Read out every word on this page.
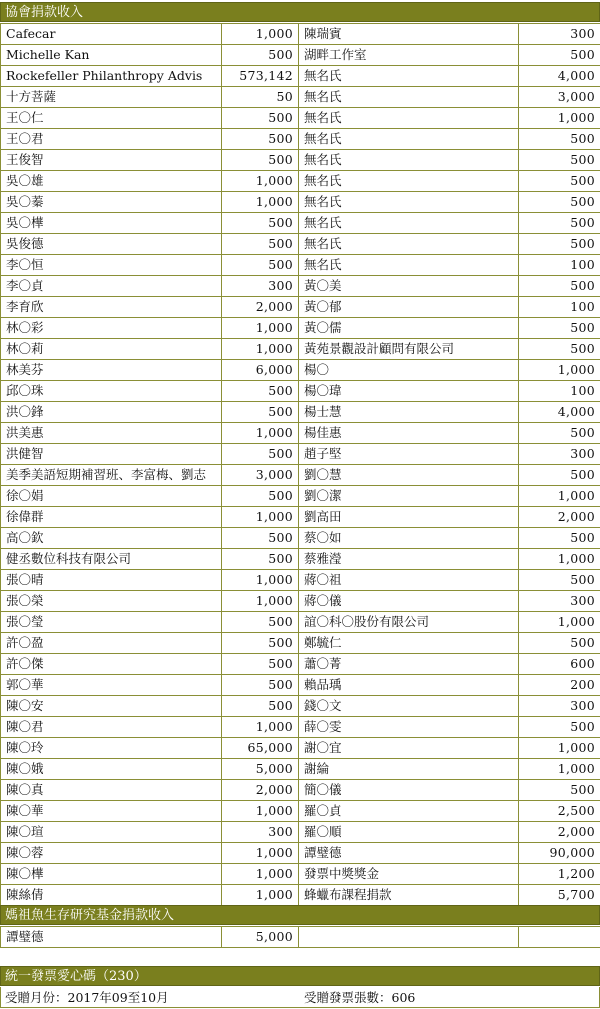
協會捐款收入
Cafecar	1,000	陳瑞賓	300
Michelle Kan	500	湖畔工作室	500
Rockefeller Philanthropy Advis	573,142	無名氏	4,000
十方菩薩	50	無名氏	3,000
王〇仁	500	無名氏	1,000
王〇君	500	無名氏	500
王俊智	500	無名氏	500
吳〇雄	1,000	無名氏	500
吳〇蓁	1,000	無名氏	500
吳〇樺	500	無名氏	500
吳俊德	500	無名氏	500
李〇恒	500	無名氏	100
李〇貞	300	黃〇美	500
李育欣	2,000	黃〇郁	100
林〇彩	1,000	黃〇儒	500
林〇莉	1,000	黃苑景觀設計顧問有限公司	500
林美芬	6,000	楊〇	1,000
邱〇珠	500	楊〇瑋	100
洪〇鋒	500	楊士慧	4,000
洪美惠	1,000	楊佳惠	500
洪健智	500	趙子堅	300
美季美語短期補習班、李富梅、劉志	3,000	劉〇慧	500
徐〇娟	500	劉〇潔	1,000
徐偉群	1,000	劉高田	2,000
高〇欽	500	蔡〇如	500
健丞數位科技有限公司	500	蔡雅瀅	1,000
張〇晴	1,000	蔣〇祖	500
張〇榮	1,000	蔣〇儀	300
張〇瑩	500	誼〇科〇股份有限公司	1,000
許〇盈	500	鄭毓仁	500
許〇傑	500	蕭〇菁	600
郭〇華	500	賴品瑀	200
陳〇安	500	錢〇文	300
陳〇君	1,000	薛〇雯	500
陳〇玲	65,000	謝〇宜	1,000
陳〇娥	5,000	謝綸	1,000
陳〇真	2,000	簡〇儀	500
陳〇華	1,000	羅〇貞	2,500
陳〇瑄	300	羅〇順	2,000
陳〇蓉	1,000	譚璧德	90,000
陳〇樺	1,000	發票中獎獎金	1,200
陳絲倩	1,000	蜂蠟布課程捐款	5,700
媽祖魚生存研究基金捐款收入
譚璧德	5,000		
統一發票愛心碼（230）
受贈月份：2017年09至10月	受贈發票張數：606
